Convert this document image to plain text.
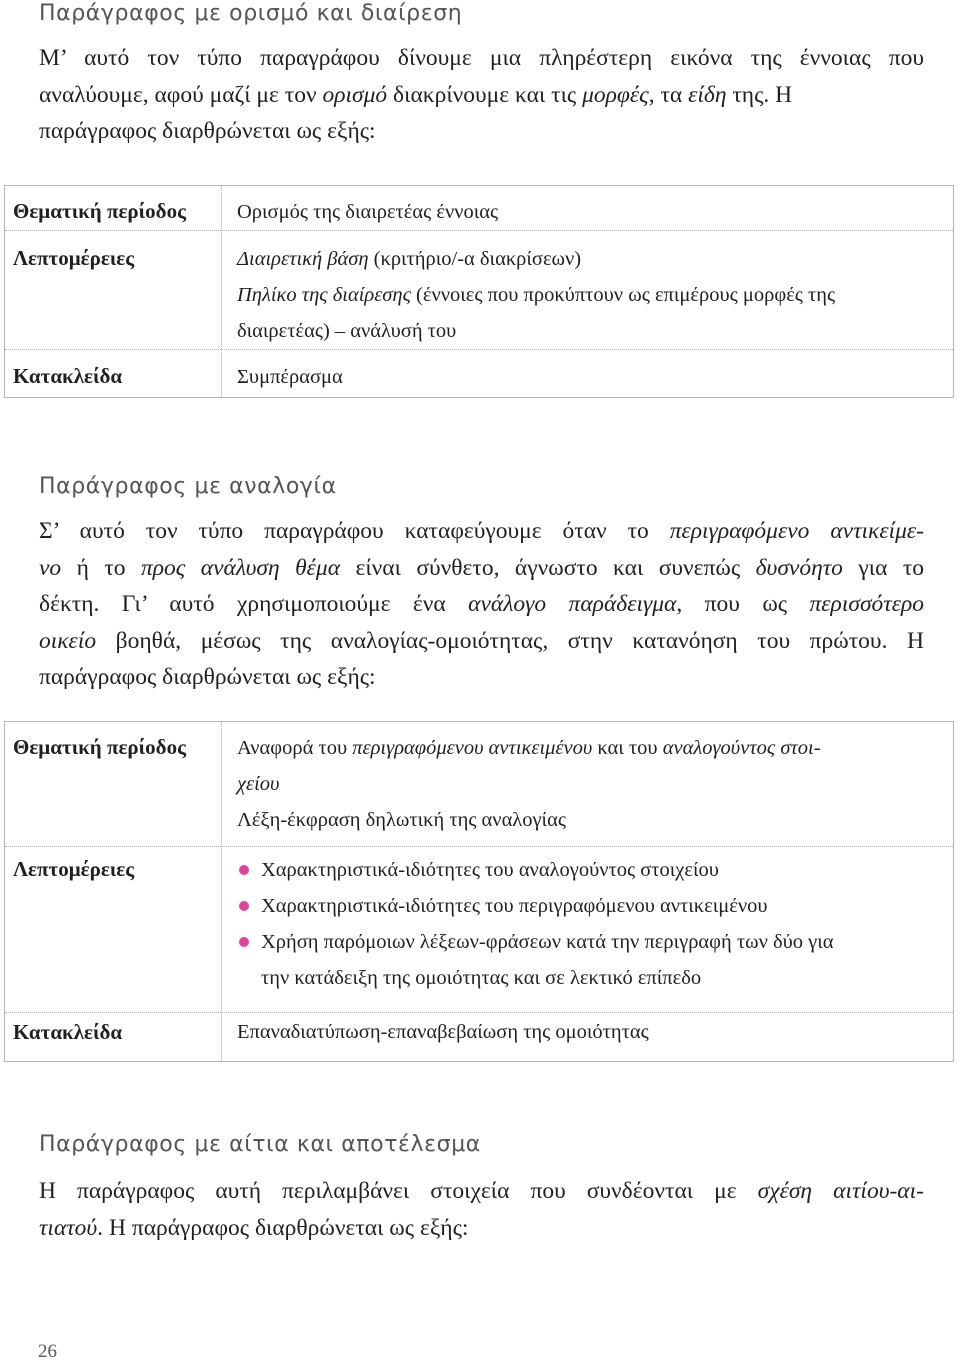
Παράγραφος με ορισμό και διαίρεση
Μ’ αυτό τον τύπο παραγράφου δίνουμε μια πληρέστερη εικόνα της έννοιας που
αναλύουμε, αφού μαζί με τον ορισμό διακρίνουμε και τις μορφές, τα είδη της. Η
παράγραφος διαρθρώνεται ως εξής:
Θεματική περίοδος
Λεπτομέρειες
Κατακλείδα
Ορισμός της διαιρετέας έννοιας
Διαιρετική βάση (κριτήριο/-α διακρίσεων)
Πηλίκο της διαίρεσης (έννοιες που προκύπτουν ως επιμέρους μορφές της
διαιρετέας) – ανάλυσή του
Συμπέρασμα
Παράγραφος με αναλογία
Σ’ αυτό τον τύπο παραγράφου καταφεύγουμε όταν το περιγραφόμενο αντικείμε-
νο ή το προς ανάλυση θέμα είναι σύνθετο, άγνωστο και συνεπώς δυσνόητο για το
δέκτη. Γι’ αυτό χρησιμοποιούμε ένα ανάλογο παράδειγμα, που ως περισσότερο
οικείο βοηθά, μέσως της αναλογίας-ομοιότητας, στην κατανόηση του πρώτου. Η
παράγραφος διαρθρώνεται ως εξής:
Θεματική περίοδος
Λεπτομέρειες
Κατακλείδα
Αναφορά του περιγραφόμενου αντικειμένου και του αναλογούντος στοι-
χείου
Λέξη-έκφραση δηλωτική της αναλογίας
Χαρακτηριστικά-ιδιότητες του αναλογούντος στοιχείου
Χαρακτηριστικά-ιδιότητες του περιγραφόμενου αντικειμένου
Χρήση παρόμοιων λέξεων-φράσεων κατά την περιγραφή των δύο για
την κατάδειξη της ομοιότητας και σε λεκτικό επίπεδο
Επαναδιατύπωση-επαναβεβαίωση της ομοιότητας
Παράγραφος με αίτια και αποτέλεσμα
Η παράγραφος αυτή περιλαμβάνει στοιχεία που συνδέονται με σχέση αιτίου-αι-
τιατού. Η παράγραφος διαρθρώνεται ως εξής:
26
